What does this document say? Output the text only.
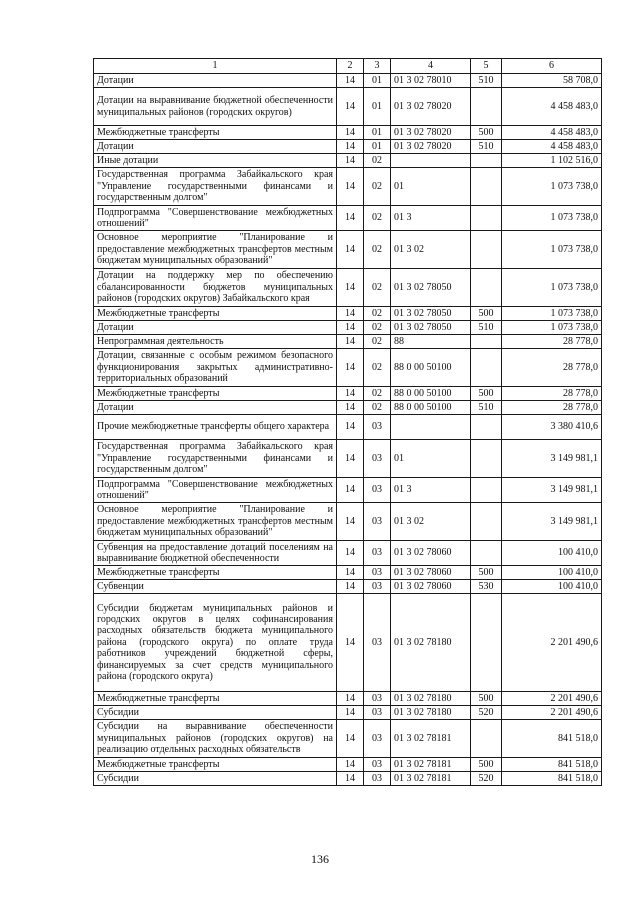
1	2	3	4	5	6
Дотации	14	01	01 3 02 78010	510	58 708,0
Дотации на выравнивание бюджетной обеспеченности муниципальных районов (городских округов)	14	01	01 3 02 78020		4 458 483,0
Межбюджетные трансферты	14	01	01 3 02 78020	500	4 458 483,0
Дотации	14	01	01 3 02 78020	510	4 458 483,0
Иные дотации	14	02			1 102 516,0
Государственная программа Забайкальского края "Управление государственными финансами и государственным долгом"	14	02	01		1 073 738,0
Подпрограмма "Совершенствование межбюджетных отношений"	14	02	01 3		1 073 738,0
Основное мероприятие "Планирование и предоставление межбюджетных трансфертов местным бюджетам муниципальных образований"	14	02	01 3 02		1 073 738,0
Дотации на поддержку мер по обеспечению сбалансированности бюджетов муниципальных районов (городских округов) Забайкальского края	14	02	01 3 02 78050		1 073 738,0
Межбюджетные трансферты	14	02	01 3 02 78050	500	1 073 738,0
Дотации	14	02	01 3 02 78050	510	1 073 738,0
Непрограммная деятельность	14	02	88		28 778,0
Дотации, связанные с особым режимом безопасного функционирования закрытых административно-территориальных образований	14	02	88 0 00 50100		28 778,0
Межбюджетные трансферты	14	02	88 0 00 50100	500	28 778,0
Дотации	14	02	88 0 00 50100	510	28 778,0
Прочие межбюджетные трансферты общего характера	14	03			3 380 410,6
Государственная программа Забайкальского края "Управление государственными финансами и государственным долгом"	14	03	01		3 149 981,1
Подпрограмма "Совершенствование межбюджетных отношений"	14	03	01 3		3 149 981,1
Основное мероприятие "Планирование и предоставление межбюджетных трансфертов местным бюджетам муниципальных образований"	14	03	01 3 02		3 149 981,1
Субвенция на предоставление дотаций поселениям на выравнивание бюджетной обеспеченности	14	03	01 3 02 78060		100 410,0
Межбюджетные трансферты	14	03	01 3 02 78060	500	100 410,0
Субвенции	14	03	01 3 02 78060	530	100 410,0
Субсидии бюджетам муниципальных районов и городских округов в целях софинансирования расходных обязательств бюджета муниципального района (городского округа) по оплате труда работников учреждений бюджетной сферы, финансируемых за счет средств муниципального района (городского округа)	14	03	01 3 02 78180		2 201 490,6
Межбюджетные трансферты	14	03	01 3 02 78180	500	2 201 490,6
Субсидии	14	03	01 3 02 78180	520	2 201 490,6
Субсидии на выравнивание обеспеченности муниципальных районов (городских округов) на реализацию отдельных расходных обязательств	14	03	01 3 02 78181		841 518,0
Межбюджетные трансферты	14	03	01 3 02 78181	500	841 518,0
Субсидии	14	03	01 3 02 78181	520	841 518,0
136
